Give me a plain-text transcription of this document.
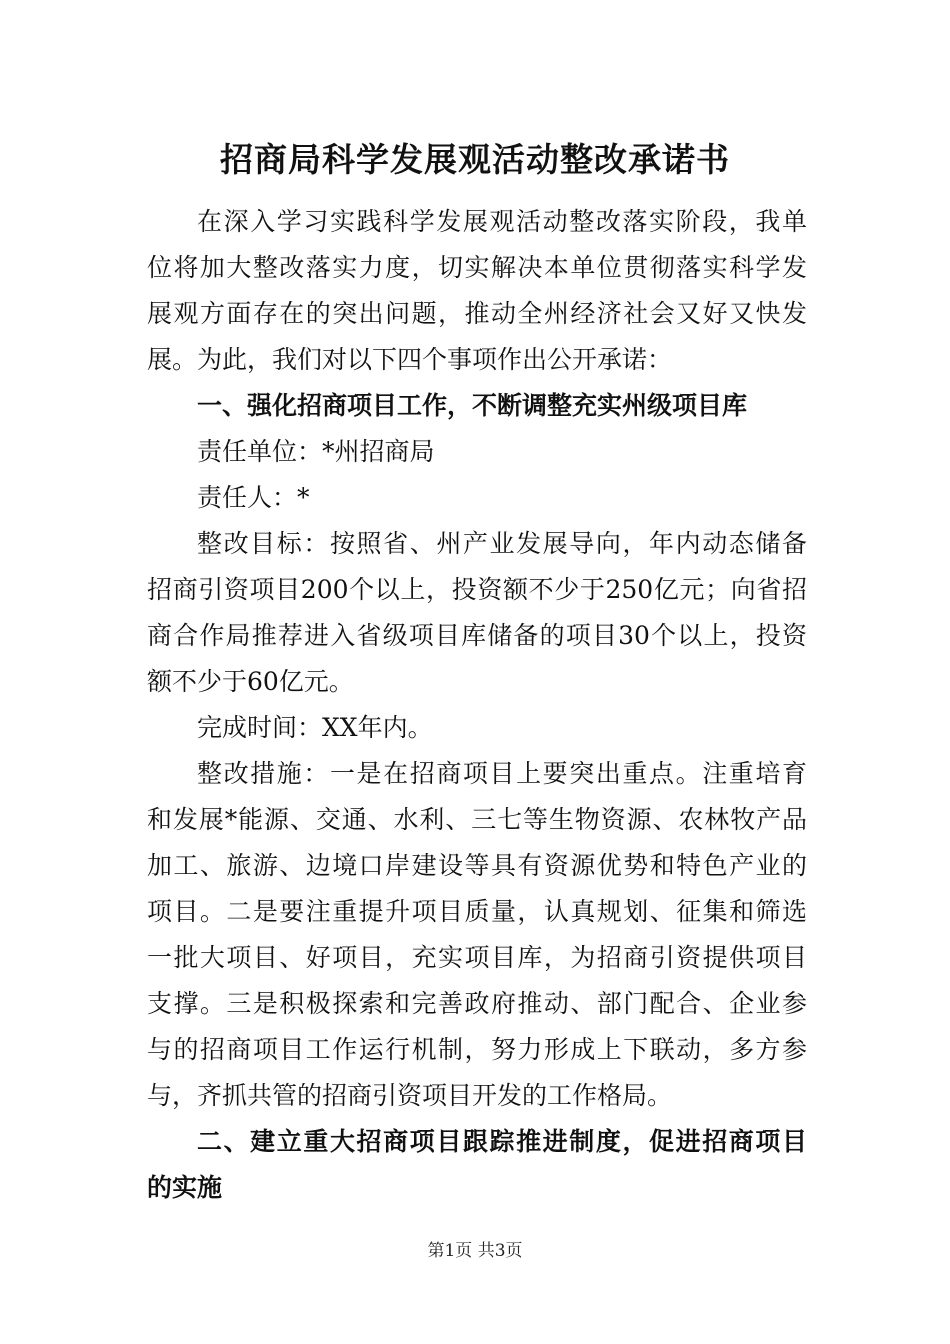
招商局科学发展观活动整改承诺书
在深入学习实践科学发展观活动整改落实阶段，我单
位将加大整改落实力度，切实解决本单位贯彻落实科学发
展观方面存在的突出问题，推动全州经济社会又好又快发
展。为此，我们对以下四个事项作出公开承诺：
一、强化招商项目工作，不断调整充实州级项目库
责任单位：*州招商局
责任人：*
整改目标：按照省、州产业发展导向，年内动态储备
招商引资项目200个以上，投资额不少于250亿元；向省招
商合作局推荐进入省级项目库储备的项目30个以上，投资
额不少于60亿元。
完成时间：XX年内。
整改措施：一是在招商项目上要突出重点。注重培育
和发展*能源、交通、水利、三七等生物资源、农林牧产品
加工、旅游、边境口岸建设等具有资源优势和特色产业的
项目。二是要注重提升项目质量，认真规划、征集和筛选
一批大项目、好项目，充实项目库，为招商引资提供项目
支撑。三是积极探索和完善政府推动、部门配合、企业参
与的招商项目工作运行机制，努力形成上下联动，多方参
与，齐抓共管的招商引资项目开发的工作格局。
二、建立重大招商项目跟踪推进制度，促进招商项目
的实施
第1页 共3页
